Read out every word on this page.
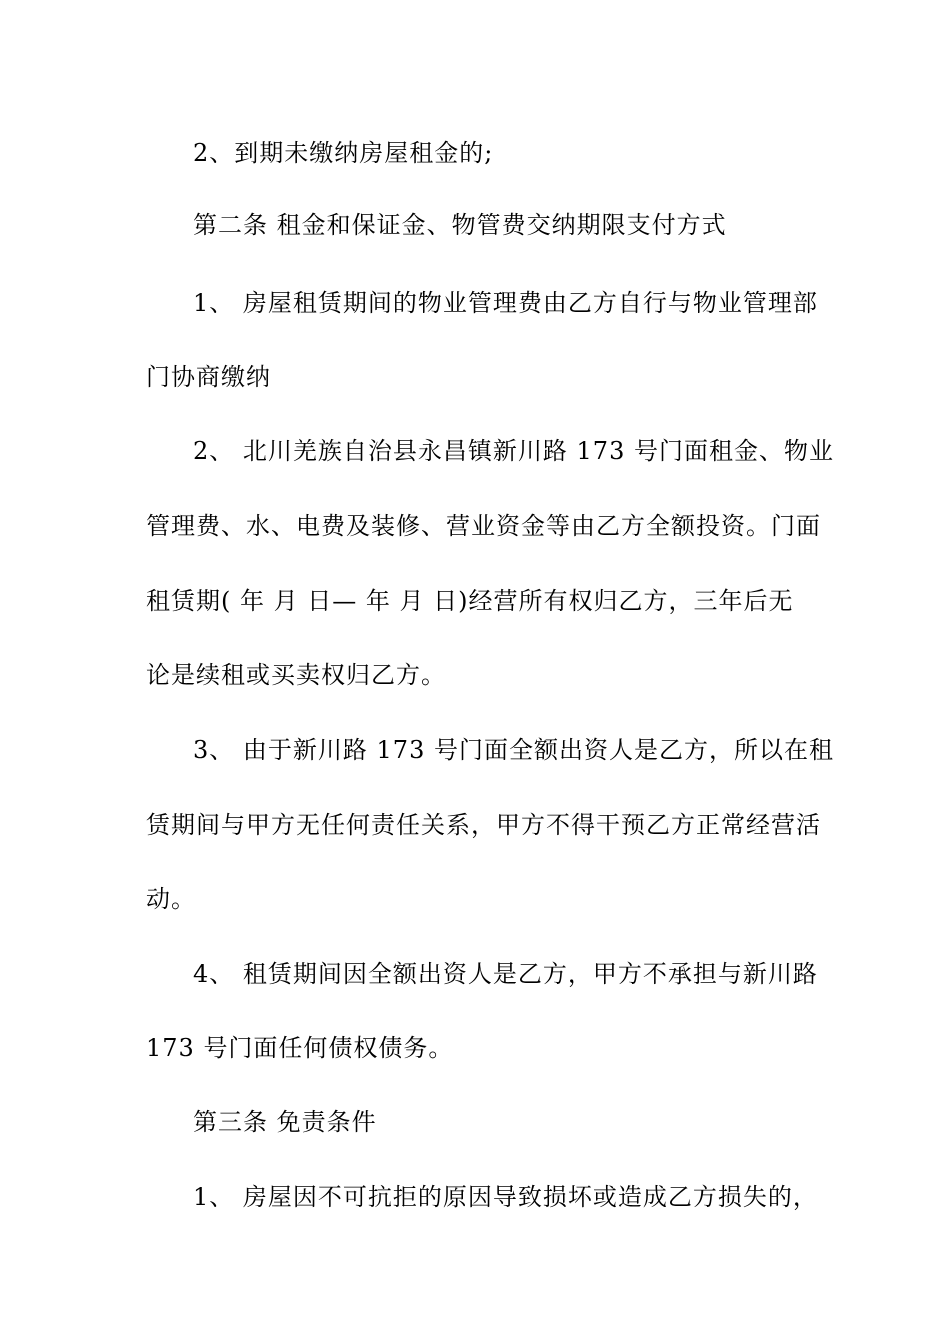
2、到期未缴纳房屋租金的;
第二条 租金和保证金、物管费交纳期限支付方式
1、 房屋租赁期间的物业管理费由乙方自行与物业管理部
门协商缴纳
2、 北川羌族自治县永昌镇新川路 173 号门面租金、物业
管理费、水、电费及装修、营业资金等由乙方全额投资。门面
租赁期( 年 月 日— 年 月 日)经营所有权归乙方，三年后无
论是续租或买卖权归乙方。
3、 由于新川路 173 号门面全额出资人是乙方，所以在租
赁期间与甲方无任何责任关系，甲方不得干预乙方正常经营活
动。
4、 租赁期间因全额出资人是乙方，甲方不承担与新川路
173 号门面任何债权债务。
第三条 免责条件
1、 房屋因不可抗拒的原因导致损坏或造成乙方损失的，
